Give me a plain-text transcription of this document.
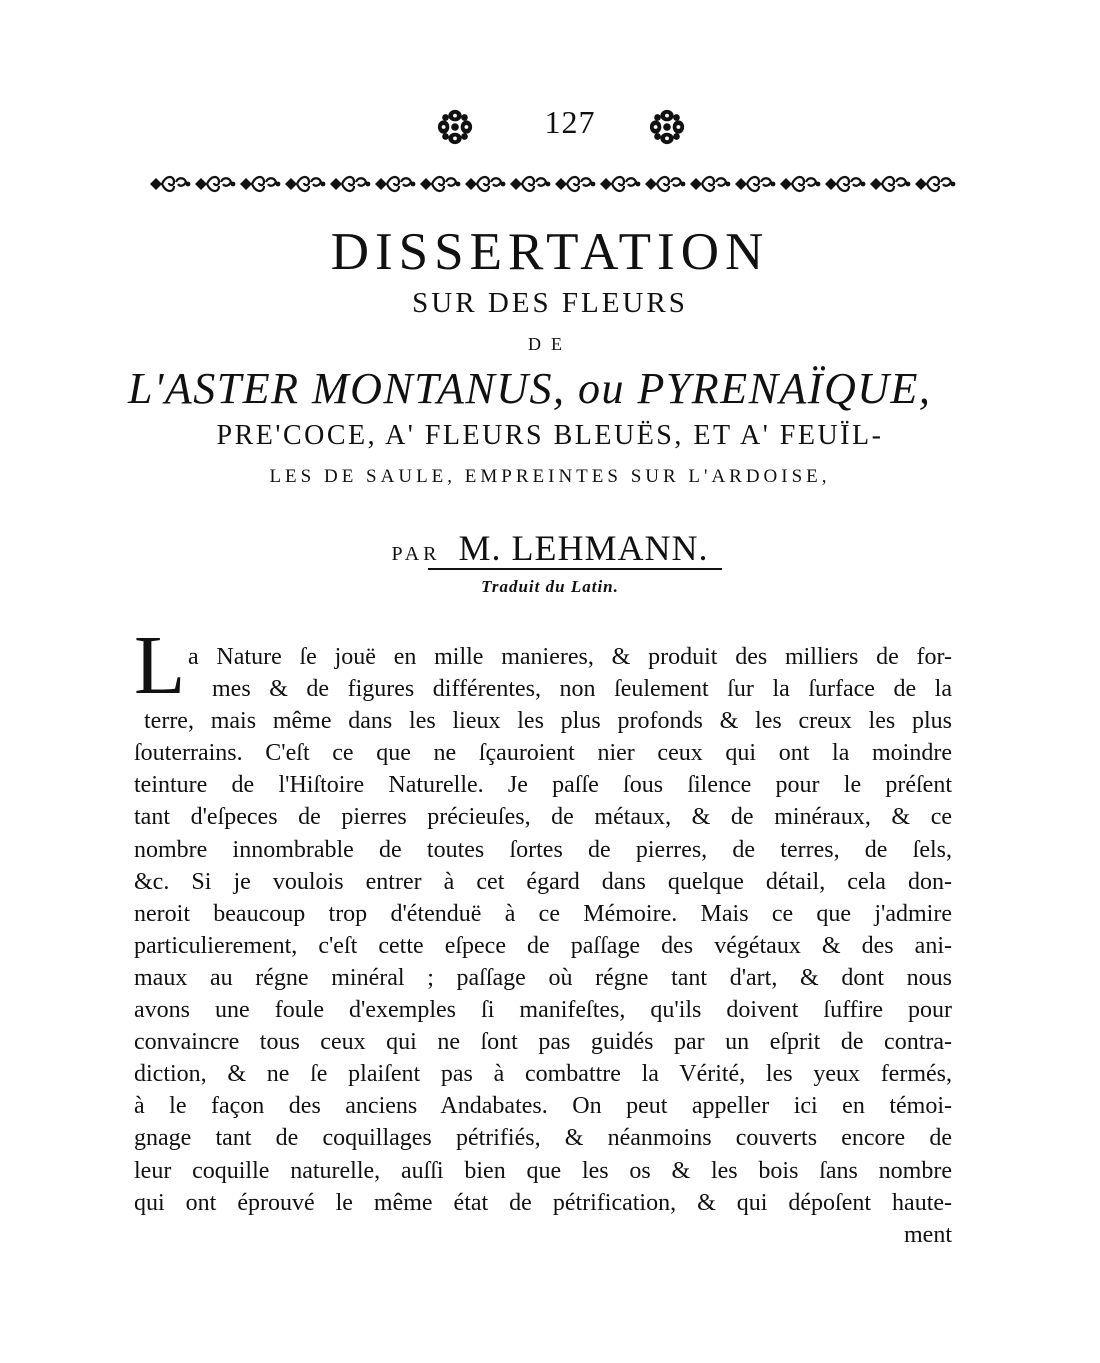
127
DISSERTATION
SUR DES FLEURS
DE
L'ASTER MONTANUS, ou PYRENAÏQUE,
PRE'COCE, A' FLEURS BLEUËS, ET A' FEUÏL-
LES DE SAULE, EMPREINTES SUR L'ARDOISE,
PAR M. LEHMANN.
Traduit du Latin.
L a Nature ſe jouë en mille manieres, & produit des milliers de for-
mes & de figures différentes, non ſeulement ſur la ſurface de la
terre, mais même dans les lieux les plus profonds & les creux les plus
ſouterrains. C'eſt ce que ne ſçauroient nier ceux qui ont la moindre
teinture de l'Hiſtoire Naturelle. Je paſſe ſous ſilence pour le préſent
tant d'eſpeces de pierres précieuſes, de métaux, & de minéraux, & ce
nombre innombrable de toutes ſortes de pierres, de terres, de ſels,
&c. Si je voulois entrer à cet égard dans quelque détail, cela don-
neroit beaucoup trop d'étenduë à ce Mémoire. Mais ce que j'admire
particulierement, c'eſt cette eſpece de paſſage des végétaux & des ani-
maux au régne minéral ; paſſage où régne tant d'art, & dont nous
avons une foule d'exemples ſi manifeſtes, qu'ils doivent ſuffire pour
convaincre tous ceux qui ne ſont pas guidés par un eſprit de contra-
diction, & ne ſe plaiſent pas à combattre la Vérité, les yeux fermés,
à le façon des anciens Andabates. On peut appeller ici en témoi-
gnage tant de coquillages pétrifiés, & néanmoins couverts encore de
leur coquille naturelle, auſſi bien que les os & les bois ſans nombre
qui ont éprouvé le même état de pétrification, & qui dépoſent haute-
ment
